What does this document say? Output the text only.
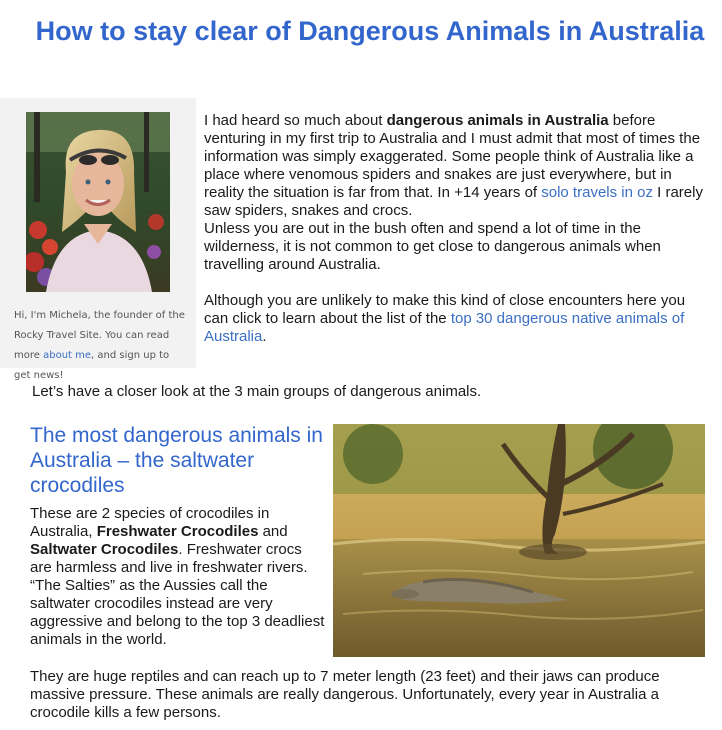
How to stay clear of Dangerous Animals in Australia
Hi, I'm Michela, the founder of the Rocky Travel Site. You can read more about me, and sign up to get news!

I had heard so much about dangerous animals in Australia before venturing in my first trip to Australia and I must admit that most of times the information was simply exaggerated. Some people think of Australia like a place where venomous spiders and snakes are just everywhere, but in reality the situation is far from that. In +14 years of solo travels in oz I rarely saw spiders, snakes and crocs.

Unless you are out in the bush often and spend a lot of time in the wilderness, it is not common to get close to dangerous animals when travelling around Australia.

Although you are unlikely to make this kind of close encounters here you can click to learn about the list of the top 30 dangerous native animals of Australia.

Let’s have a closer look at the 3 main groups of dangerous animals.

The most dangerous animals in Australia – the saltwater crocodiles

These are 2 species of crocodiles in Australia, Freshwater Crocodiles and Saltwater Crocodiles. Freshwater crocs are harmless and live in freshwater rivers. “The Salties” as the Aussies call the saltwater crocodiles instead are very aggressive and belong to the top 3 deadliest animals in the world.

They are huge reptiles and can reach up to 7 meter length (23 feet) and their jaws can produce massive pressure. These animals are really dangerous. Unfortunately, every year in Australia a crocodile kills a few persons.
